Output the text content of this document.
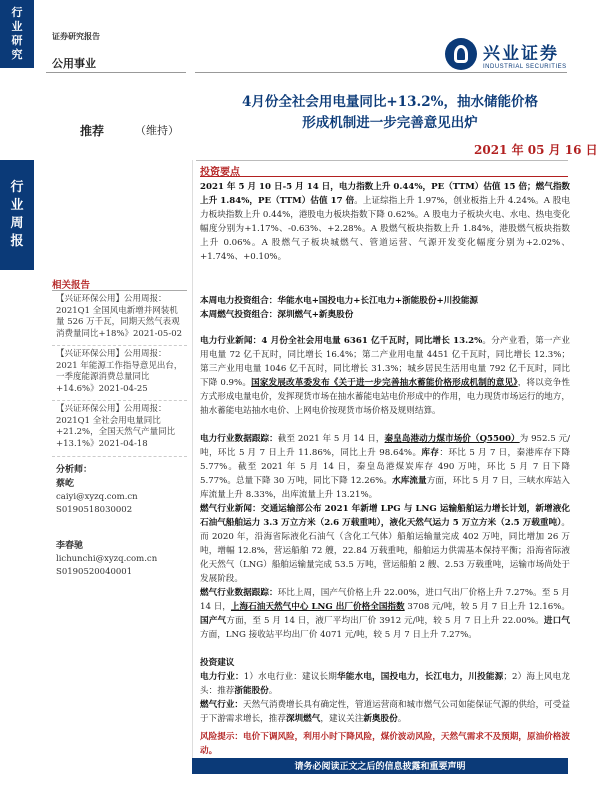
行
业
研
究
证券研究报告
公用事业	兴业证券
INDUSTRIAL SECURITIES
4月份全社会用电量同比+13.2%，抽水储能价格
形成机制进一步完善意见出炉
推荐	（维持）
2021 年 05 月 16 日
行
业
周
报
相关报告
【兴证环保公用】公用周报：2021Q1 全国风电新增并网装机量 526 万千瓦，同期天然气表观消费量同比+18%》2021-05-02
【兴证环保公用】公用周报：2021 年能源工作指导意见出台，一季度能源消费总量同比+14.6%》2021-04-25
【兴证环保公用】公用周报：2021Q1 全社会用电量同比+21.2%，全国天然气产量同比+13.1%》2021-04-18
分析师：
蔡屹
caiyi@xyzq.com.cn
S0190518030002
李春驰
lichunchi@xyzq.com.cn
S0190520040001
投资要点
2021 年 5 月 10 日-5 月 14 日，电力指数上升 0.44%，PE（TTM）估值 15 倍；燃气指数上升 1.84%，PE（TTM）估值 17 倍。上证综指上升 1.97%，创业板指上升 4.24%。A 股电力板块指数上升 0.44%，港股电力板块指数下降 0.62%。A 股电力子板块火电、水电、热电变化幅度分别为+1.17%、-0.63%、+2.28%。A 股燃气板块指数上升 1.84%，港股燃气板块指数上升 0.06%。A 股燃气子板块城燃气、管道运营、气源开发变化幅度分别为+2.02%、+1.74%、+0.10%。
本周电力投资组合：华能水电+国投电力+长江电力+浙能股份+川投能源
本周燃气投资组合：深圳燃气+新奥股份
电力行业新闻：4 月份全社会用电量 6361 亿千瓦时，同比增长 13.2%。分产业看，第一产业用电量 72 亿千瓦时，同比增长 16.4%；第二产业用电量 4451 亿千瓦时，同比增长 12.3%；第三产业用电量 1046 亿千瓦时，同比增长 31.3%；城乡居民生活用电量 792 亿千瓦时，同比下降 0.9%。国家发展改革委发布《关于进一步完善抽水蓄能价格形成机制的意见》，将以竞争性方式形成电量电价，发挥现货市场在抽水蓄能电站电价形成中的作用，电力现货市场运行的地方，抽水蓄能电站抽水电价、上网电价按现货市场价格及规则结算。
电力行业数据跟踪：截至 2021 年 5 月 14 日，秦皇岛港动力煤市场价（Q5500）为 952.5 元/吨，环比 5 月 7 日上升 11.86%，同比上升 98.64%。库存：环比 5 月 7 日，秦港库存下降 5.77%。截至 2021 年 5 月 14 日，秦皇岛港煤炭库存 490 万吨，环比 5 月 7 日下降 5.77%。总量下降 30 万吨，同比下降 12.26%。水库流量方面，环比 5 月 7 日，三峡水库站入库流量上升 8.33%，出库流量上升 13.21%。
燃气行业新闻：交通运输部公布 2021 年新增 LPG 与 LNG 运输船舶运力增长计划，新增液化石油气船舶运力 3.3 万立方米（2.6 万载重吨），液化天然气运力 5 万立方米（2.5 万载重吨）。而 2020 年，沿海省际液化石油气（含化工气体）船舶运输量完成 402 万吨，同比增加 26 万吨，增幅 12.8%，营运船舶 72 艘，22.84 万载重吨，船舶运力供需基本保持平衡；沿海省际液化天然气（LNG）船舶运输量完成 53.5 万吨，营运船舶 2 艘、2.53 万载重吨，运输市场尚处于发展阶段。
燃气行业数据跟踪：环比上周，国产气价格上升 22.00%，进口气出厂价格上升 7.27%。至 5 月 14 日，上海石油天然气中心 LNG 出厂价格全国指数 3708 元/吨，较 5 月 7 日上升 12.16%。国产气方面，至 5 月 14 日，液厂平均出厂价 3912 元/吨，较 5 月 7 日上升 22.00%。进口气方面，LNG 接收站平均出厂价 4071 元/吨，较 5 月 7 日上升 7.27%。
投资建议
电力行业：1）水电行业：建议长期华能水电，国投电力，长江电力，川投能源；2）海上风电龙头：推荐浙能股份。
燃气行业：天然气消费增长具有确定性，管道运营商和城市燃气公司如能保证气源的供给，可受益于下游需求增长，推荐深圳燃气，建议关注新奥股份。
风险提示：电价下调风险，利用小时下降风险，煤价波动风险，天然气需求不及预期，原油价格波动。
请务必阅读正文之后的信息披露和重要声明
